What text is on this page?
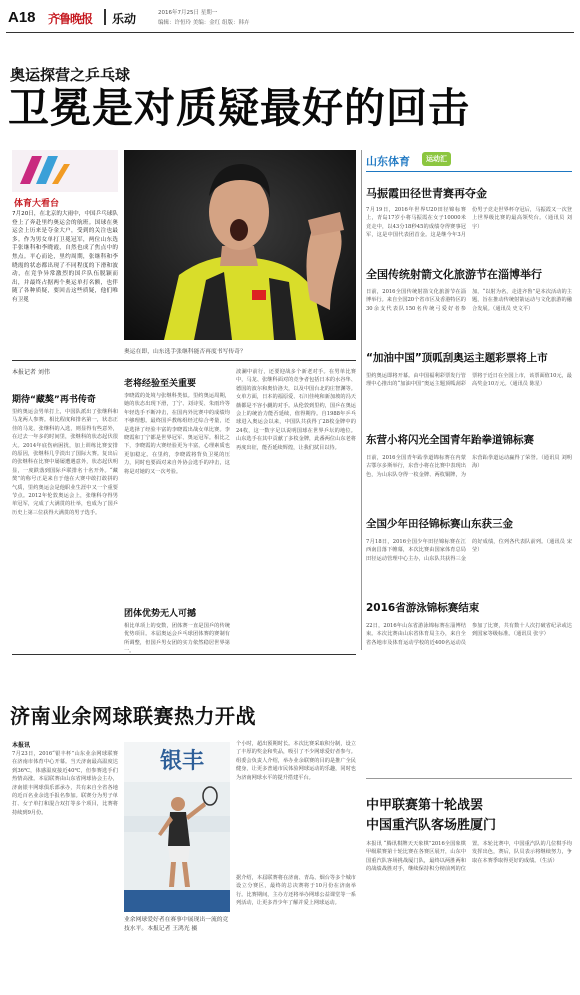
A18 齐鲁晚报 乐动	2016年7月25日 星期一
编辑：许恒玲 美编：金红 组版：韩卉
奥运探营之乒乓球
卫冕是对质疑最好的回击
体育大看台
7月20日，在北京的大雨中，中国乒乓球队登上了奔赴里约奥运会的航班。国球在奥运会上历来是夺金大户，受到的关注也最多。作为男女单打卫冕冠军，两位山东选手张继科和李晓霞，自然也成了焦点中的焦点。平心而论，里约周期，张继科和李晓霞的状态都出现了不同程度的下滑和波动，在竞争异常激烈的国乒队伍脱颖而出，并最终占据两个奥运单打名额，也伴随了各种质疑，要回击这些质疑，他们唯有卫冕
奥运在即，山东选手张继科能否再度书写传奇？
本报记者 刘伟
期待“藏獒”再书传奇
里约奥运会男单打上，中国队派出了张继科和马龙两人参赛。相比程度和排名第一，状态正佳的马龙，张继科的入选，则显得有些意外，在过去一年多的时间里，张继科的状态起伏很大。2014年底伤病困扰，加上训练比赛安排的原因，张继科几乎淡出了国际大赛。复出后的张继科在比赛中屡屡遭遇意外，状态起伏明显，一度跌落到国际乒联排名十名开外。“藏獒”的称号正是来自于他在大赛中敢打敢拼的气质，里约奥运会是他职业生涯中又一个重要节点。2012年伦敦奥运会上，张继科夺得男单冠军，完成了大满贯的壮举，也成为了国乒历史上第三位获得大满贯的男子选手。
老将经验至关重要
李晓霞的处境与张继科类似。里约奥运周期，她的状态出现下滑，丁宁、刘诗雯、朱雨玲等年轻选手不断冲击，在国内外比赛中的成绩均不够理想。最终国乒教练组经过综合考量，还是选择了经验丰富的李晓霞出战女单比赛。李晓霞和丁宁都是世界冠军、奥运冠军。相比之下，李晓霞的大赛经验更为丰富，心理素质也更加稳定。在里约，李晓霞将背负卫冕的压力，同时也要面对来自外协会选手的冲击，这将是对她的又一次考验。
团体优势无人可撼
相比单项上的变数，团体赛一直是国乒的传统优势项目。本届奥运会乒乓球团体赛的赛制有所调整，但国乒男女团的实力依然稳居世界第一。
波澜中前行，还要迎战多个新老对手。在男单比赛中，马龙、张继科面对的竞争者包括日本的水谷隼、德国的波尔和奥恰洛夫，以及中国台北的庄智渊等。女单方面，日本的福原爱、石川佳纯和新加坡的冯天薇都是不容小觑的对手。从伦敦到里约，国乒在奥运会上的统治力能否延续，值得期待。自1988年乒乓球进入奥运会以来，中国队共获得了28枚金牌中的24枚，这一数字足以说明国球在世界乒坛的地位。山东选手在其中贡献了多枚金牌，此番两位山东老将再度出征，能否延续辉煌，让我们拭目以待。
山东体育	运动汇
马振霞田径世青赛再夺金
7月19日，2016年世界U20田径锦标赛上，青岛17岁小将马振霞在女子10000米竞走中，以43分18秒45的成绩夺得赛事冠军，这是中国代表团首金。这是继今年3月份男子竞走世界杯夺冠后，马振霞又一次登上世界级比赛的最高领奖台。（通讯员 刘宇）
全国传统射箭文化旅游节在淄博举行
日前，2016全国传统射箭文化旅游节在淄博举行。来自全国20个省市区及香港特区的30余支代表队150名传统弓爱好者参加，“以射为名，走进齐鲁”是本次活动的主题，旨在推动传统射箭运动与文化旅游的融合发展。（通讯员 史文平）
“加油中国”顶呱刮奥运主题彩票将上市
里约奥运即将开幕。由中国福利彩票发行管理中心推出的“加油中国”奥运主题顶呱刮彩票将于近日在全国上市，该票面值10元，最高奖金10万元。（通讯员 陈星）
东营小将闪光全国青年跆拳道锦标赛
日前，2016全国青年跆拳道锦标赛在内蒙古鄂尔多斯举行，东营小将在比赛中表现出色，为山东队夺得一枚金牌、两枚铜牌，为东营跆拳道运动赢得了荣誉。（通讯员 刘明海）
全国少年田径锦标赛山东获三金
7月18日，2016全国少年田径锦标赛在江西南昌落下帷幕，本次比赛由国家体育总局田径运动管理中心主办，山东队共获得三金的好成绩，位列各代表队前列。（通讯员 宋莹）
2016省游泳锦标赛结束
22日，2016年山东省游泳锦标赛在淄博结束。本次比赛由山东省体育局主办，来自全省各地市及体育运动学校的近400名运动员参加了比赛，共有数十人次打破省纪录或达到国家等级标准。（通讯员 张宇）
中甲联赛第十轮战罢
中国重汽队客场胜厦门
本报讯 “腾讯棋牌天天象棋”2016全国象棋甲级联赛第十轮比赛在各赛区展开，山东中国重汽队客场挑战厦门队，最终以两胜两和的战绩战胜对手，继续保持积分榜前列的位置。本轮比赛中，中国重汽队的几位棋手均发挥出色，赛后，队员表示将继续努力，争取在本赛季取得更好的成绩。（生活）
济南业余网球联赛热力开战
本报讯
7月23日，2016“银丰杯”山东业余网球联赛在济南市体育中心开幕。当天济南最高温度达到36℃，体感温度接近40℃，但参赛选手们热情高涨。本届联赛由山东省网球协会主办，济南银丰网球俱乐部承办，共有来自全省各地的近百名业余选手报名参加。联赛分为男子单打、女子单打和混合双打等多个项目，比赛将持续到9月份。
银丰
业余网球爱好者在赛事中展现出一流的竞技水平。本报记者 王鸿光 摄
个小时，超出预期时长。本次比赛采取积分制，设立了丰厚的奖金和奖品，吸引了不少网球爱好者参与。组委会负责人介绍，举办业余联赛的目的是推广全民健身，让更多普通市民体验网球运动的乐趣，同时也为济南网球水平的提升搭建平台。
据介绍，本届联赛将在济南、青岛、烟台等多个城市设立分赛区，最终的总决赛将于10月份在济南举行。比赛期间，主办方还将举办网球公益课堂等一系列活动，让更多青少年了解并爱上网球运动。
